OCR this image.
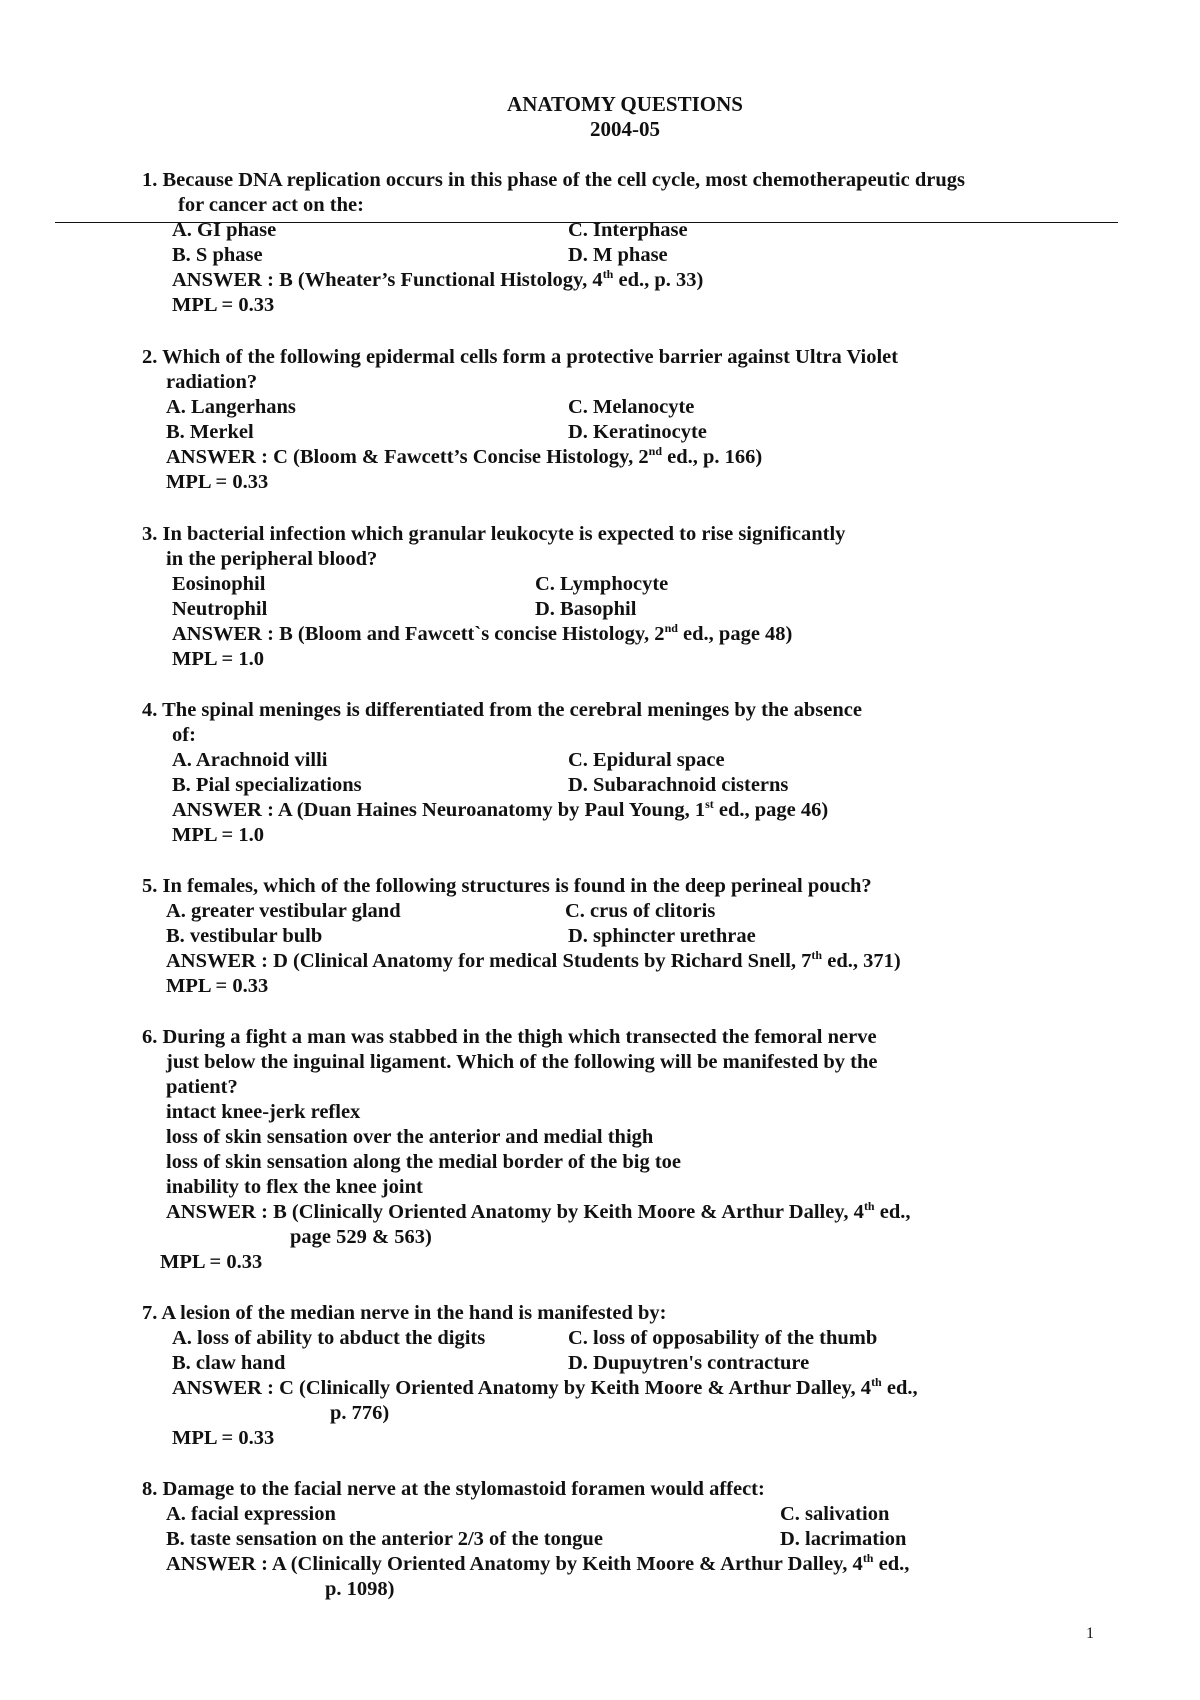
ANATOMY QUESTIONS
2004-05
1. Because DNA replication occurs in this phase of the cell cycle, most chemotherapeutic drugs
for cancer act on the:
A. GI phase	C. Interphase
B. S phase	D. M phase
ANSWER : B (Wheater’s Functional Histology, 4th ed., p. 33)
MPL = 0.33
2. Which of the following epidermal cells form a protective barrier against Ultra Violet
radiation?
A. Langerhans	C. Melanocyte
B. Merkel	D. Keratinocyte
ANSWER : C (Bloom & Fawcett’s Concise Histology, 2nd ed., p. 166)
MPL = 0.33
3. In bacterial infection which granular leukocyte is expected to rise significantly
in the peripheral blood?
Eosinophil	C. Lymphocyte
Neutrophil	D. Basophil
ANSWER : B (Bloom and Fawcett`s concise Histology, 2nd ed., page 48)
MPL = 1.0
4. The spinal meninges is differentiated from the cerebral meninges by the absence
of:
A. Arachnoid villi	C. Epidural space
B. Pial specializations	D. Subarachnoid cisterns
ANSWER : A (Duan Haines Neuroanatomy by Paul Young, 1st ed., page 46)
MPL = 1.0
5. In females, which of the following structures is found in the deep perineal pouch?
A. greater vestibular gland	C. crus of clitoris
B. vestibular bulb	D. sphincter urethrae
ANSWER : D (Clinical Anatomy for medical Students by Richard Snell, 7th ed., 371)
MPL = 0.33
6. During a fight a man was stabbed in the thigh which transected the femoral nerve
just below the inguinal ligament. Which of the following will be manifested by the
patient?
intact knee-jerk reflex
loss of skin sensation over the anterior and medial thigh
loss of skin sensation along the medial border of the big toe
inability to flex the knee joint
ANSWER : B (Clinically Oriented Anatomy by Keith Moore & Arthur Dalley, 4th ed.,
page 529 & 563)
MPL = 0.33
7. A lesion of the median nerve in the hand is manifested by:
A. loss of ability to abduct the digits	C. loss of opposability of the thumb
B. claw hand	D. Dupuytren's contracture
ANSWER : C (Clinically Oriented Anatomy by Keith Moore & Arthur Dalley, 4th ed.,
p. 776)
MPL = 0.33
8. Damage to the facial nerve at the stylomastoid foramen would affect:
A. facial expression	C. salivation
B. taste sensation on the anterior 2/3 of the tongue	D. lacrimation
ANSWER : A (Clinically Oriented Anatomy by Keith Moore & Arthur Dalley, 4th ed.,
p. 1098)
1
